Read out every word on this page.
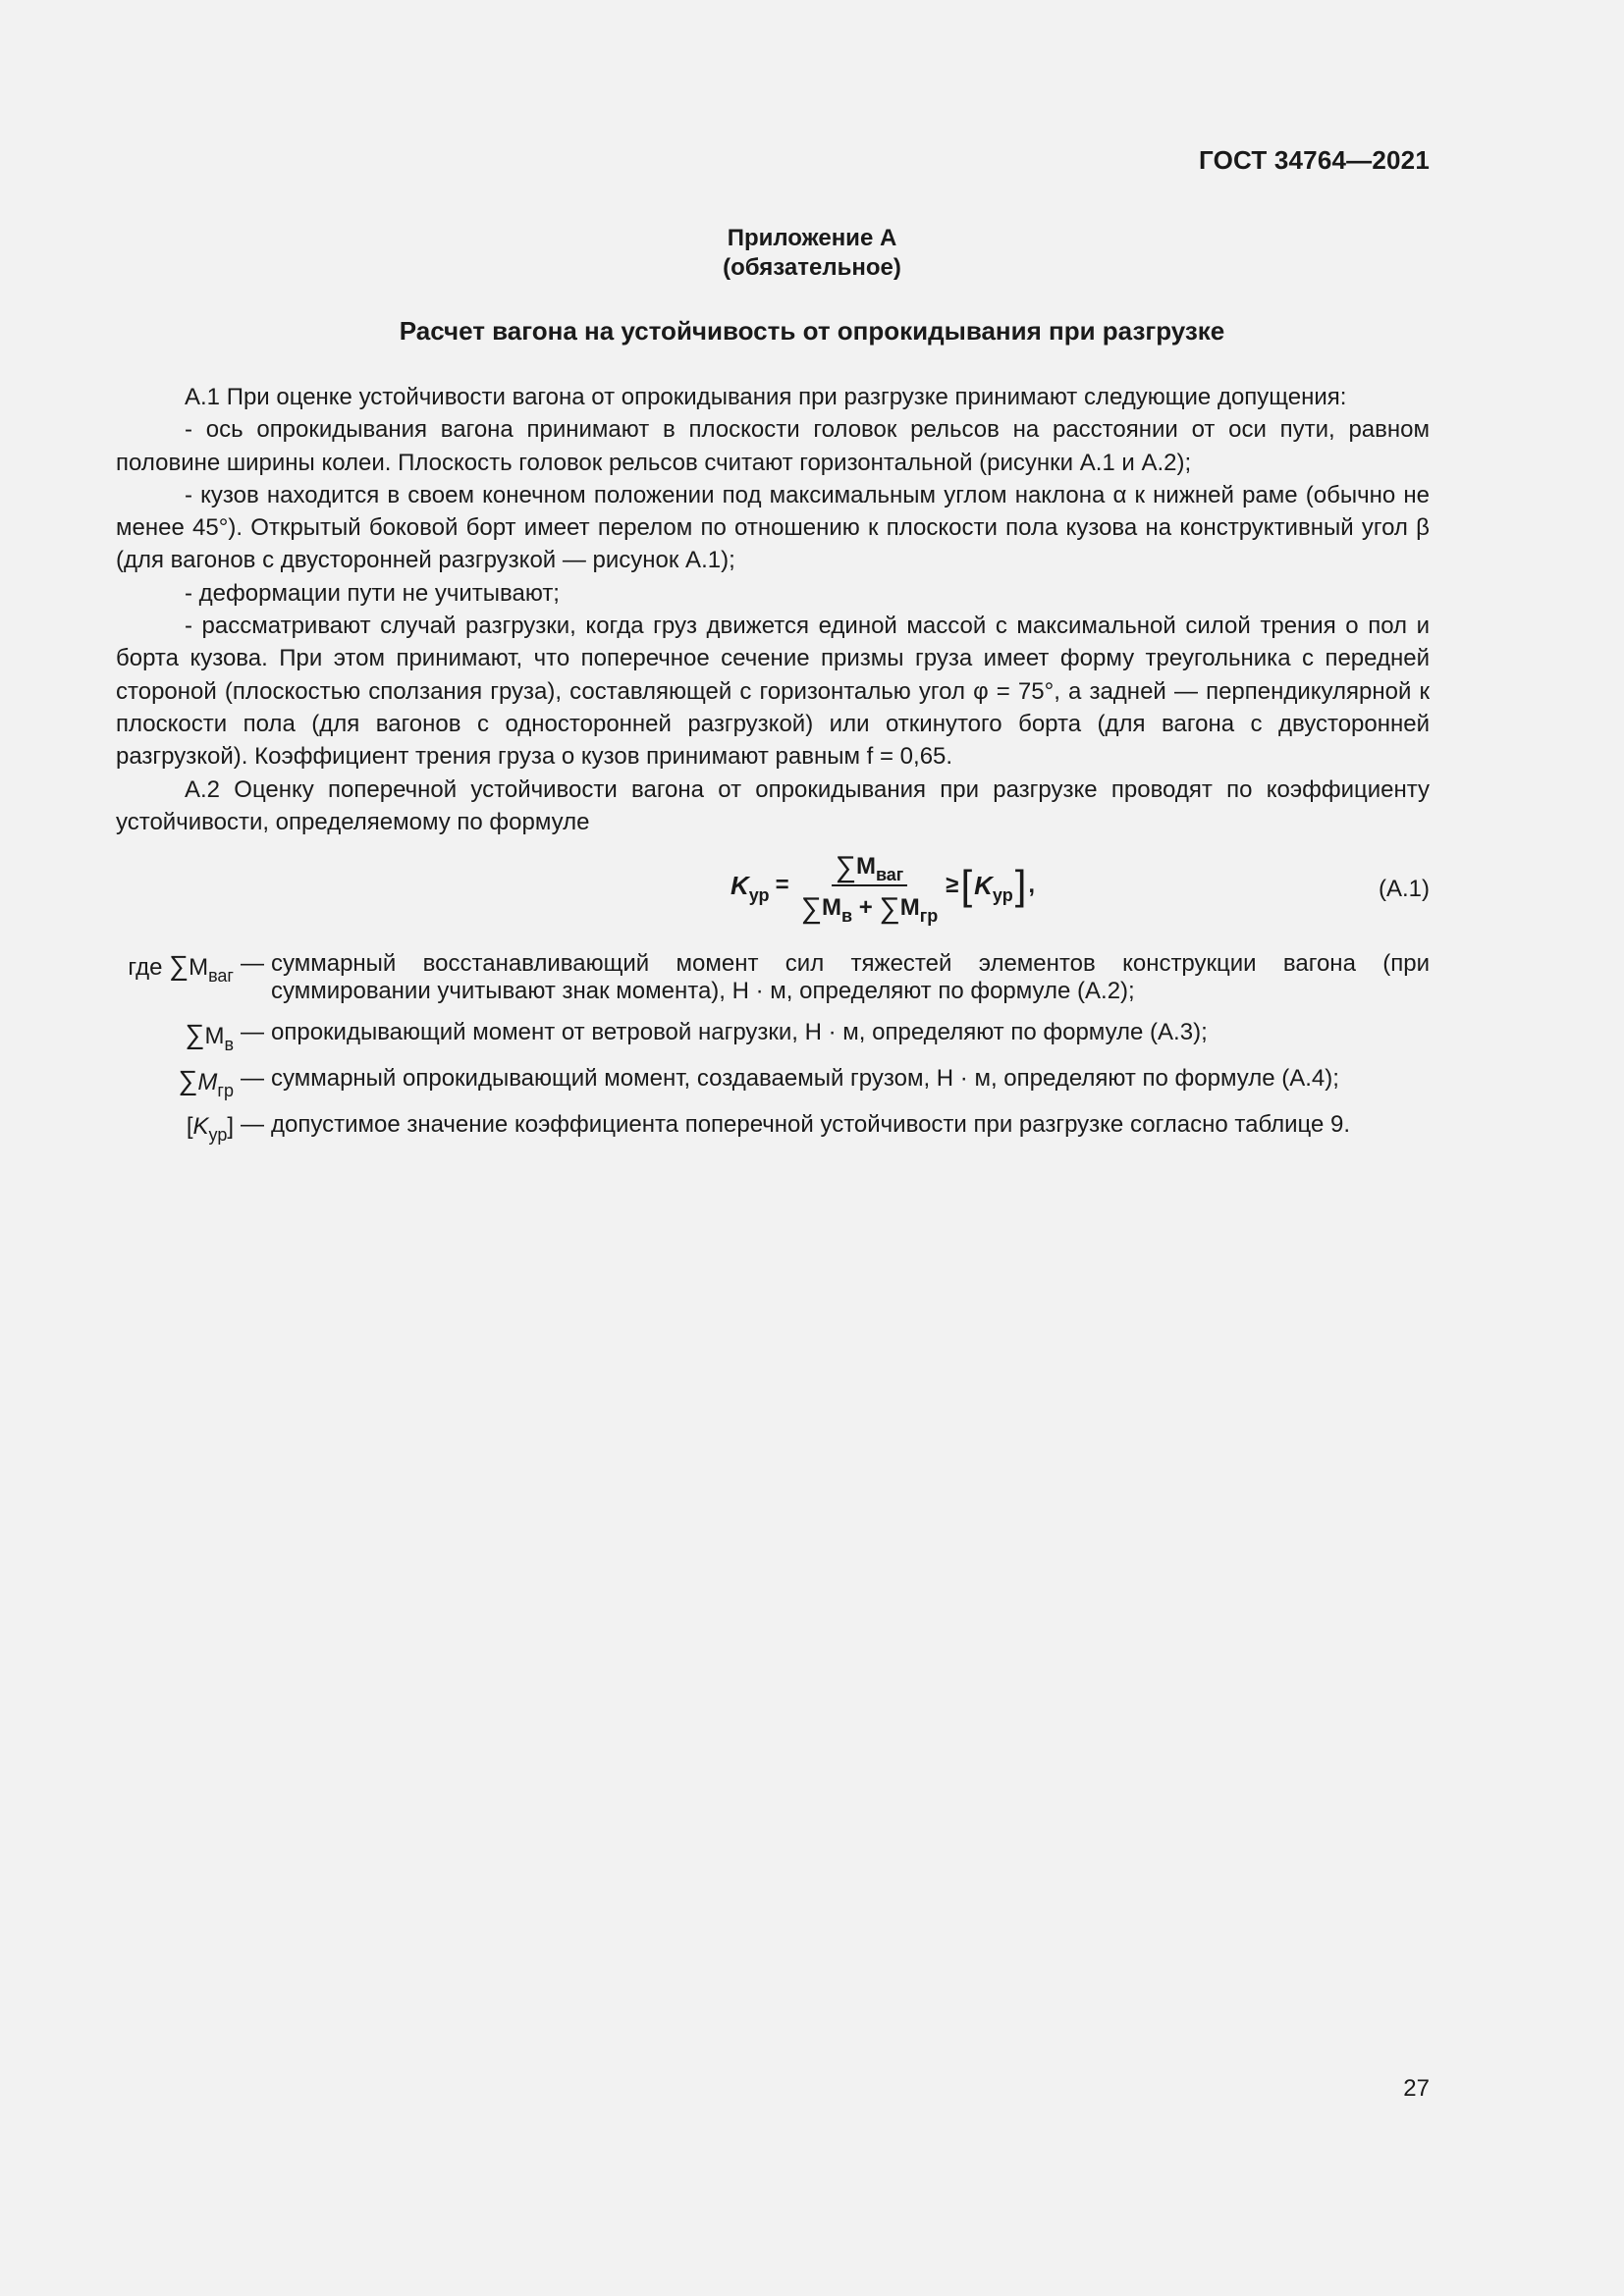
ГОСТ 34764—2021
Приложение А
(обязательное)
Расчет вагона на устойчивость от опрокидывания при разгрузке

А.1 При оценке устойчивости вагона от опрокидывания при разгрузке принимают следующие допущения:

- ось опрокидывания вагона принимают в плоскости головок рельсов на расстоянии от оси пути, равном половине ширины колеи. Плоскость головок рельсов считают горизонтальной (рисунки А.1 и А.2);

- кузов находится в своем конечном положении под максимальным углом наклона α к нижней раме (обычно не менее 45°). Открытый боковой борт имеет перелом по отношению к плоскости пола кузова на конструктивный угол β (для вагонов с двусторонней разгрузкой — рисунок А.1);

- деформации пути не учитывают;

- рассматривают случай разгрузки, когда груз движется единой массой с максимальной силой трения о пол и борта кузова. При этом принимают, что поперечное сечение призмы груза имеет форму треугольника с передней стороной (плоскостью сползания груза), составляющей с горизонталью угол φ = 75°, а задней — перпендикулярной к плоскости пола (для вагонов с односторонней разгрузкой) или откинутого борта (для вагона с двусторонней разгрузкой). Коэффициент трения груза о кузов принимают равным f = 0,65.

А.2 Оценку поперечной устойчивости вагона от опрокидывания при разгрузке проводят по коэффициенту устойчивости, определяемому по формуле

$K_{ур} = \frac{\sum M_{ваг}}{\sum M_в + \sum M_{гр}}$ ≥ [ $K_{ур}$ ] ,	(А.1)
где $\sum M_{ваг}$ — суммарный восстанавливающий момент сил тяжестей элементов конструкции вагона (при суммировании учитывают знак момента), Н · м, определяют по формуле (А.2);
$\sum M_в$ — опрокидывающий момент от ветровой нагрузки, Н · м, определяют по формуле (А.3);
$\sum M_{гр}$ — суммарный опрокидывающий момент, создаваемый грузом, Н · м, определяют по формуле (А.4);
$[K_{ур}]$ — допустимое значение коэффициента поперечной устойчивости при разгрузке согласно таблице 9.
27
